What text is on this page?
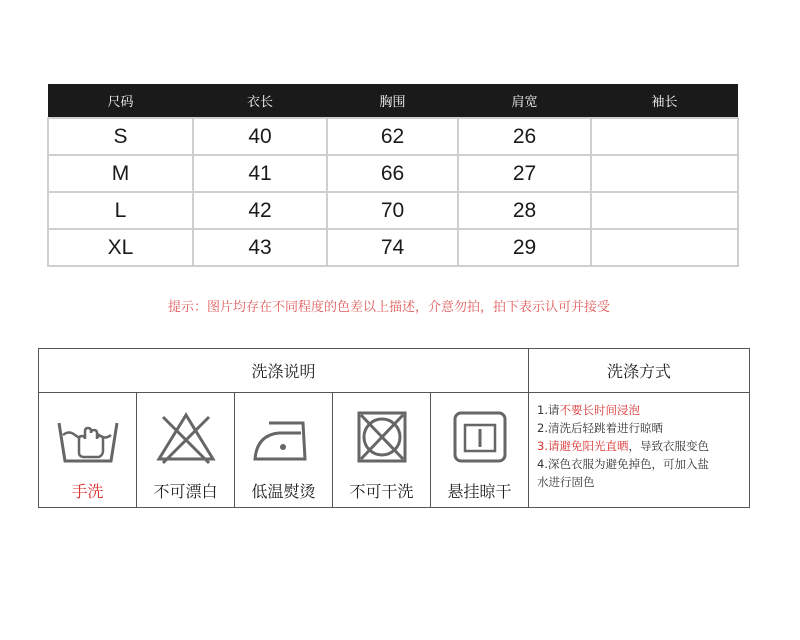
尺码	衣长	胸围	肩宽	袖长
S	40	62	26	
M	41	66	27	
L	42	70	28	
XL	43	74	29	
提示：图片均存在不同程度的色差以上描述，介意勿拍，拍下表示认可并接受
洗涤说明	洗涤方式
手洗	不可漂白 低温熨烫 不可干洗 悬挂晾干
1.请不要长时间浸泡
2.清洗后轻跳着进行晾晒
3.请避免阳光直晒，导致衣服变色
4.深色衣服为避免掉色，可加入盐
水进行固色
